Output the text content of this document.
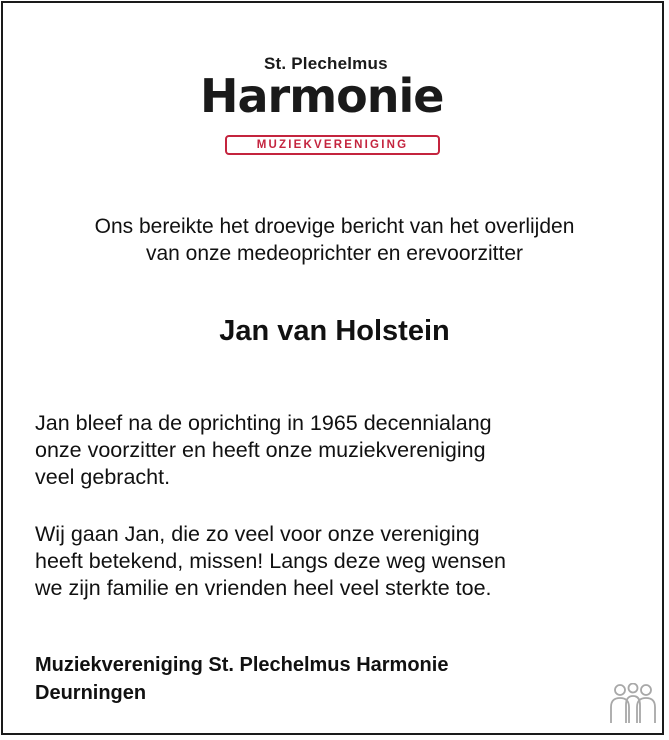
St. Plechelmus
Harmonie
MUZIEKVERENIGING
Ons bereikte het droevige bericht van het overlijden
van onze medeoprichter en erevoorzitter
Jan van Holstein
Jan bleef na de oprichting in 1965 decennialang
onze voorzitter en heeft onze muziekvereniging
veel gebracht.
Wij gaan Jan, die zo veel voor onze vereniging
heeft betekend, missen! Langs deze weg wensen
we zijn familie en vrienden heel veel sterkte toe.
Muziekvereniging St. Plechelmus Harmonie
Deurningen
